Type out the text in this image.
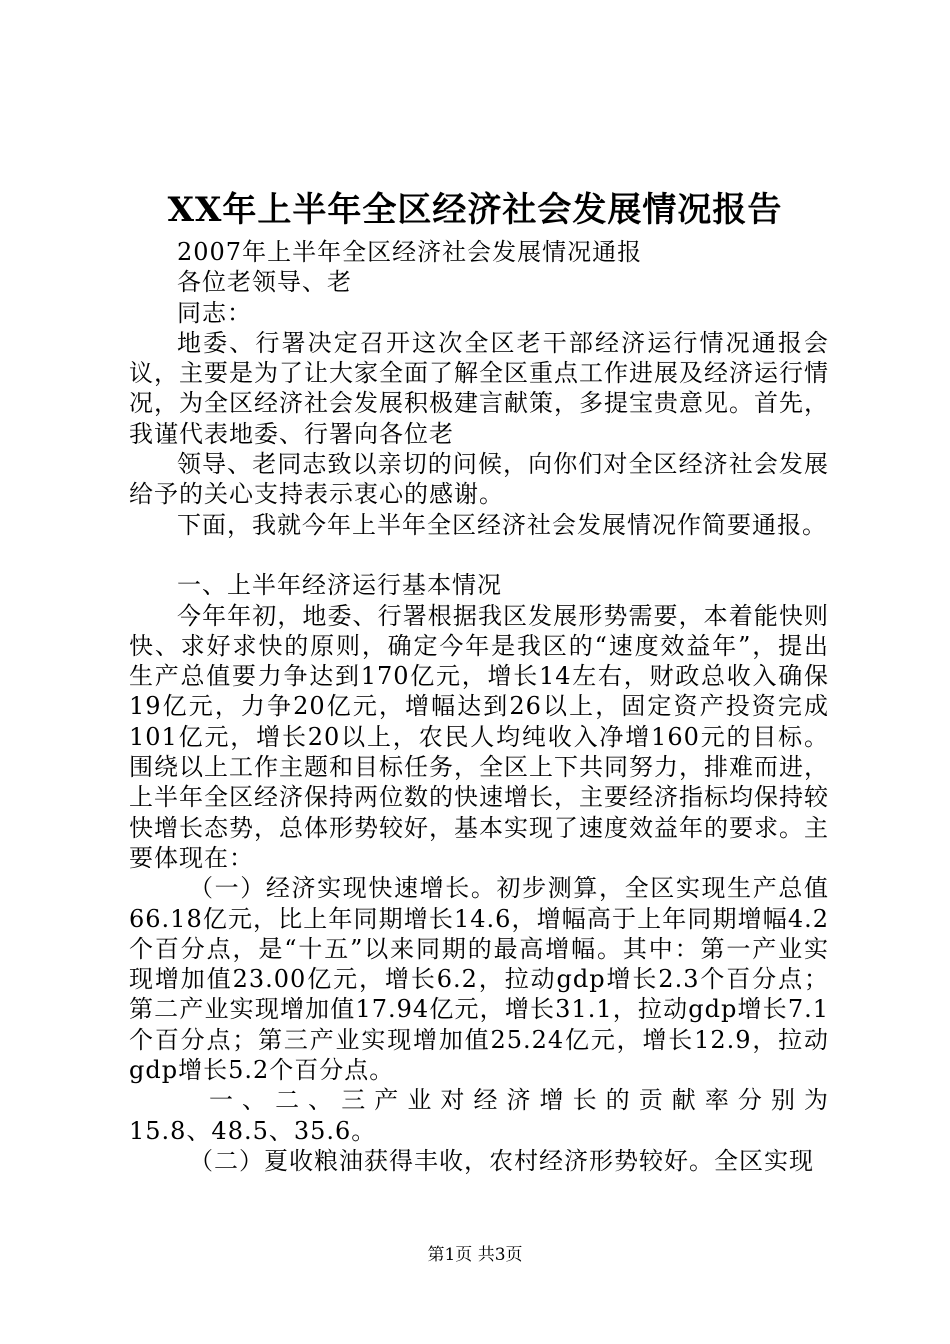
XX年上半年全区经济社会发展情况报告

2007年上半年全区经济社会发展情况通报

各位老领导、老

同志：

地委、行署决定召开这次全区老干部经济运行情况通报会议，主要是为了让大家全面了解全区重点工作进展及经济运行情况，为全区经济社会发展积极建言献策，多提宝贵意见。首先，我谨代表地委、行署向各位老

领导、老同志致以亲切的问候，向你们对全区经济社会发展给予的关心支持表示衷心的感谢。

下面，我就今年上半年全区经济社会发展情况作简要通报。

一、上半年经济运行基本情况

今年年初，地委、行署根据我区发展形势需要，本着能快则快、求好求快的原则，确定今年是我区的“速度效益年”，提出生产总值要力争达到170亿元，增长14左右，财政总收入确保19亿元，力争20亿元，增幅达到26以上，固定资产投资完成101亿元，增长20以上，农民人均纯收入净增160元的目标。围绕以上工作主题和目标任务，全区上下共同努力，排难而进，上半年全区经济保持两位数的快速增长，主要经济指标均保持较快增长态势，总体形势较好，基本实现了速度效益年的要求。主要体现在：

（一）经济实现快速增长。初步测算，全区实现生产总值66.18亿元，比上年同期增长14.6，增幅高于上年同期增幅4.2个百分点，是“十五”以来同期的最高增幅。其中：第一产业实现增加值23.00亿元，增长6.2，拉动gdp增长2.3个百分点；第二产业实现增加值17.94亿元，增长31.1，拉动gdp增长7.1个百分点；第三产业实现增加值25.24亿元，增长12.9，拉动gdp增长5.2个百分点。

一、二、三产业对经济增长的贡献率分别为

15.8、48.5、35.6。

（二）夏收粮油获得丰收，农村经济形势较好。全区实现

第1页 共3页
